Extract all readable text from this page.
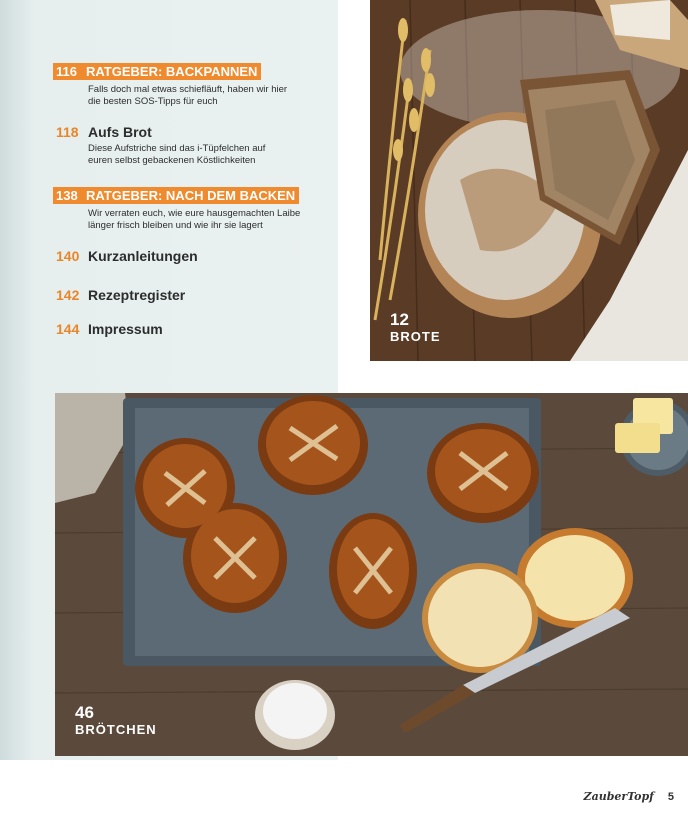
116 RATGEBER: BACKPANNEN
Falls doch mal etwas schiefläuft, haben wir hier
die besten SOS-Tipps für euch
118 Aufs Brot
Diese Aufstriche sind das i-Tüpfelchen auf
euren selbst gebackenen Köstlichkeiten
138 RATGEBER: NACH DEM BACKEN
Wir verraten euch, wie eure hausgemachten Laibe
länger frisch bleiben und wie ihr sie lagert
140 Kurzanleitungen
142 Rezeptregister
144 Impressum	12
BROTE
46
BRÖTCHEN
ZauberTopf 5
